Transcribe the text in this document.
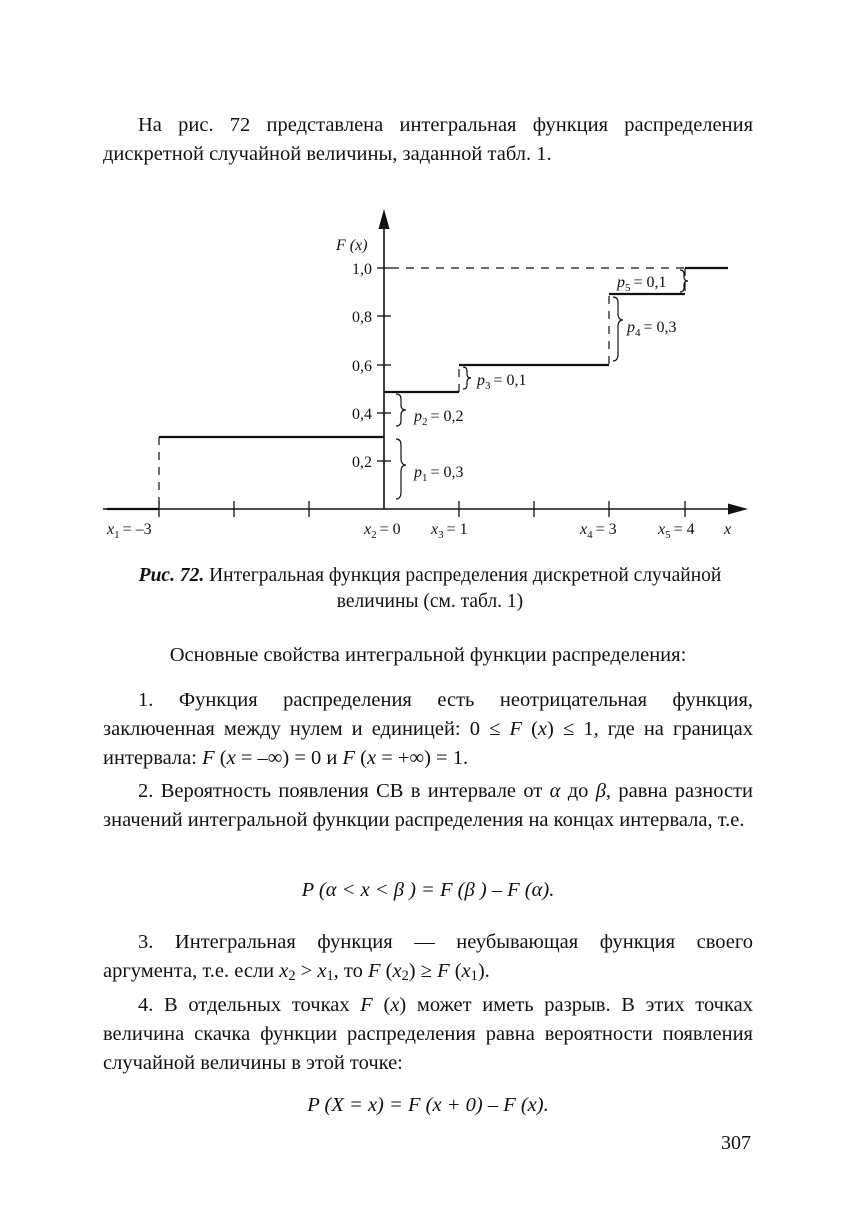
На рис. 72 представлена интегральная функция распределения дискретной случайной величины, заданной табл. 1.
F (x)
1,0
0,8
0,6
0,4
0,2
$x_1 = -3$	$x_2 = 0$ $x_3 = 1$	$x_4 = 3$	$x_5 = 4$ x
$p_1 = 0,3$
$p_2 = 0,2$
$p_3 = 0,1$
$p_4 = 0,3$
$p_5 = 0,1$
Рис. 72. Интегральная функция распределения дискретной случайной величины (см. табл. 1)
Основные свойства интегральной функции распределения:
1. Функция распределения есть неотрицательная функция, заключенная между нулем и единицей: 0 ≤ F (x) ≤ 1, где на границах интервала: F (x = –∞) = 0 и F (x = +∞) = 1.
2. Вероятность появления СВ в интервале от α до β, равна разности значений интегральной функции распределения на концах интервала, т.е.
P (α < x < β ) = F (β ) – F (α).
3. Интегральная функция — неубывающая функция своего аргумента, т.е. если $x_2 > x_1$, то F $(x_2) \ge F$ $(x_1)$.
4. В отдельных точках F (x) может иметь разрыв. В этих точках величина скачка функции распределения равна вероятности появления случайной величины в этой точке:
P (X = x) = F (x + 0) – F (x).
307
